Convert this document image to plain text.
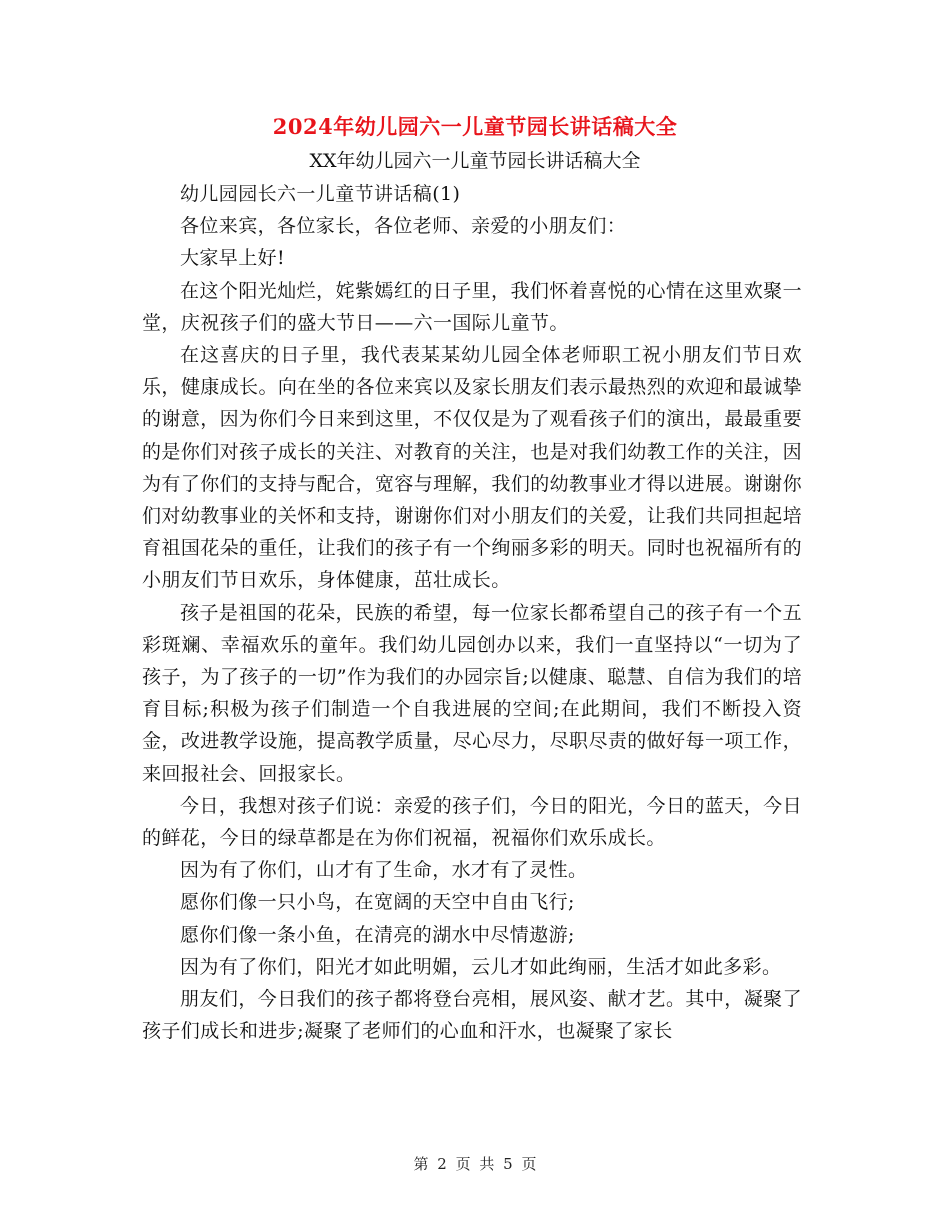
2024年幼儿园六一儿童节园长讲话稿大全
XX年幼儿园六一儿童节园长讲话稿大全

幼儿园园长六一儿童节讲话稿(1)

各位来宾，各位家长，各位老师、亲爱的小朋友们：

大家早上好!

在这个阳光灿烂，姹紫嫣红的日子里，我们怀着喜悦的心情在这里欢聚一堂，庆祝孩子们的盛大节日——六一国际儿童节。

在这喜庆的日子里，我代表某某幼儿园全体老师职工祝小朋友们节日欢乐，健康成长。向在坐的各位来宾以及家长朋友们表示最热烈的欢迎和最诚挚的谢意，因为你们今日来到这里，不仅仅是为了观看孩子们的演出，最最重要的是你们对孩子成长的关注、对教育的关注，也是对我们幼教工作的关注，因为有了你们的支持与配合，宽容与理解，我们的幼教事业才得以进展。谢谢你们对幼教事业的关怀和支持，谢谢你们对小朋友们的关爱，让我们共同担起培育祖国花朵的重任，让我们的孩子有一个绚丽多彩的明天。同时也祝福所有的小朋友们节日欢乐，身体健康，茁壮成长。

孩子是祖国的花朵，民族的希望，每一位家长都希望自己的孩子有一个五彩斑斓、幸福欢乐的童年。我们幼儿园创办以来，我们一直坚持以“一切为了孩子，为了孩子的一切”作为我们的办园宗旨;以健康、聪慧、自信为我们的培育目标;积极为孩子们制造一个自我进展的空间;在此期间，我们不断投入资金，改进教学设施，提高教学质量，尽心尽力，尽职尽责的做好每一项工作，来回报社会、回报家长。

今日，我想对孩子们说：亲爱的孩子们，今日的阳光，今日的蓝天，今日的鲜花，今日的绿草都是在为你们祝福，祝福你们欢乐成长。

因为有了你们，山才有了生命，水才有了灵性。

愿你们像一只小鸟，在宽阔的天空中自由飞行;

愿你们像一条小鱼，在清亮的湖水中尽情遨游;

因为有了你们，阳光才如此明媚，云儿才如此绚丽，生活才如此多彩。

朋友们，今日我们的孩子都将登台亮相，展风姿、献才艺。其中，凝聚了孩子们成长和进步;凝聚了老师们的心血和汗水，也凝聚了家长

第 2 页 共 5 页
